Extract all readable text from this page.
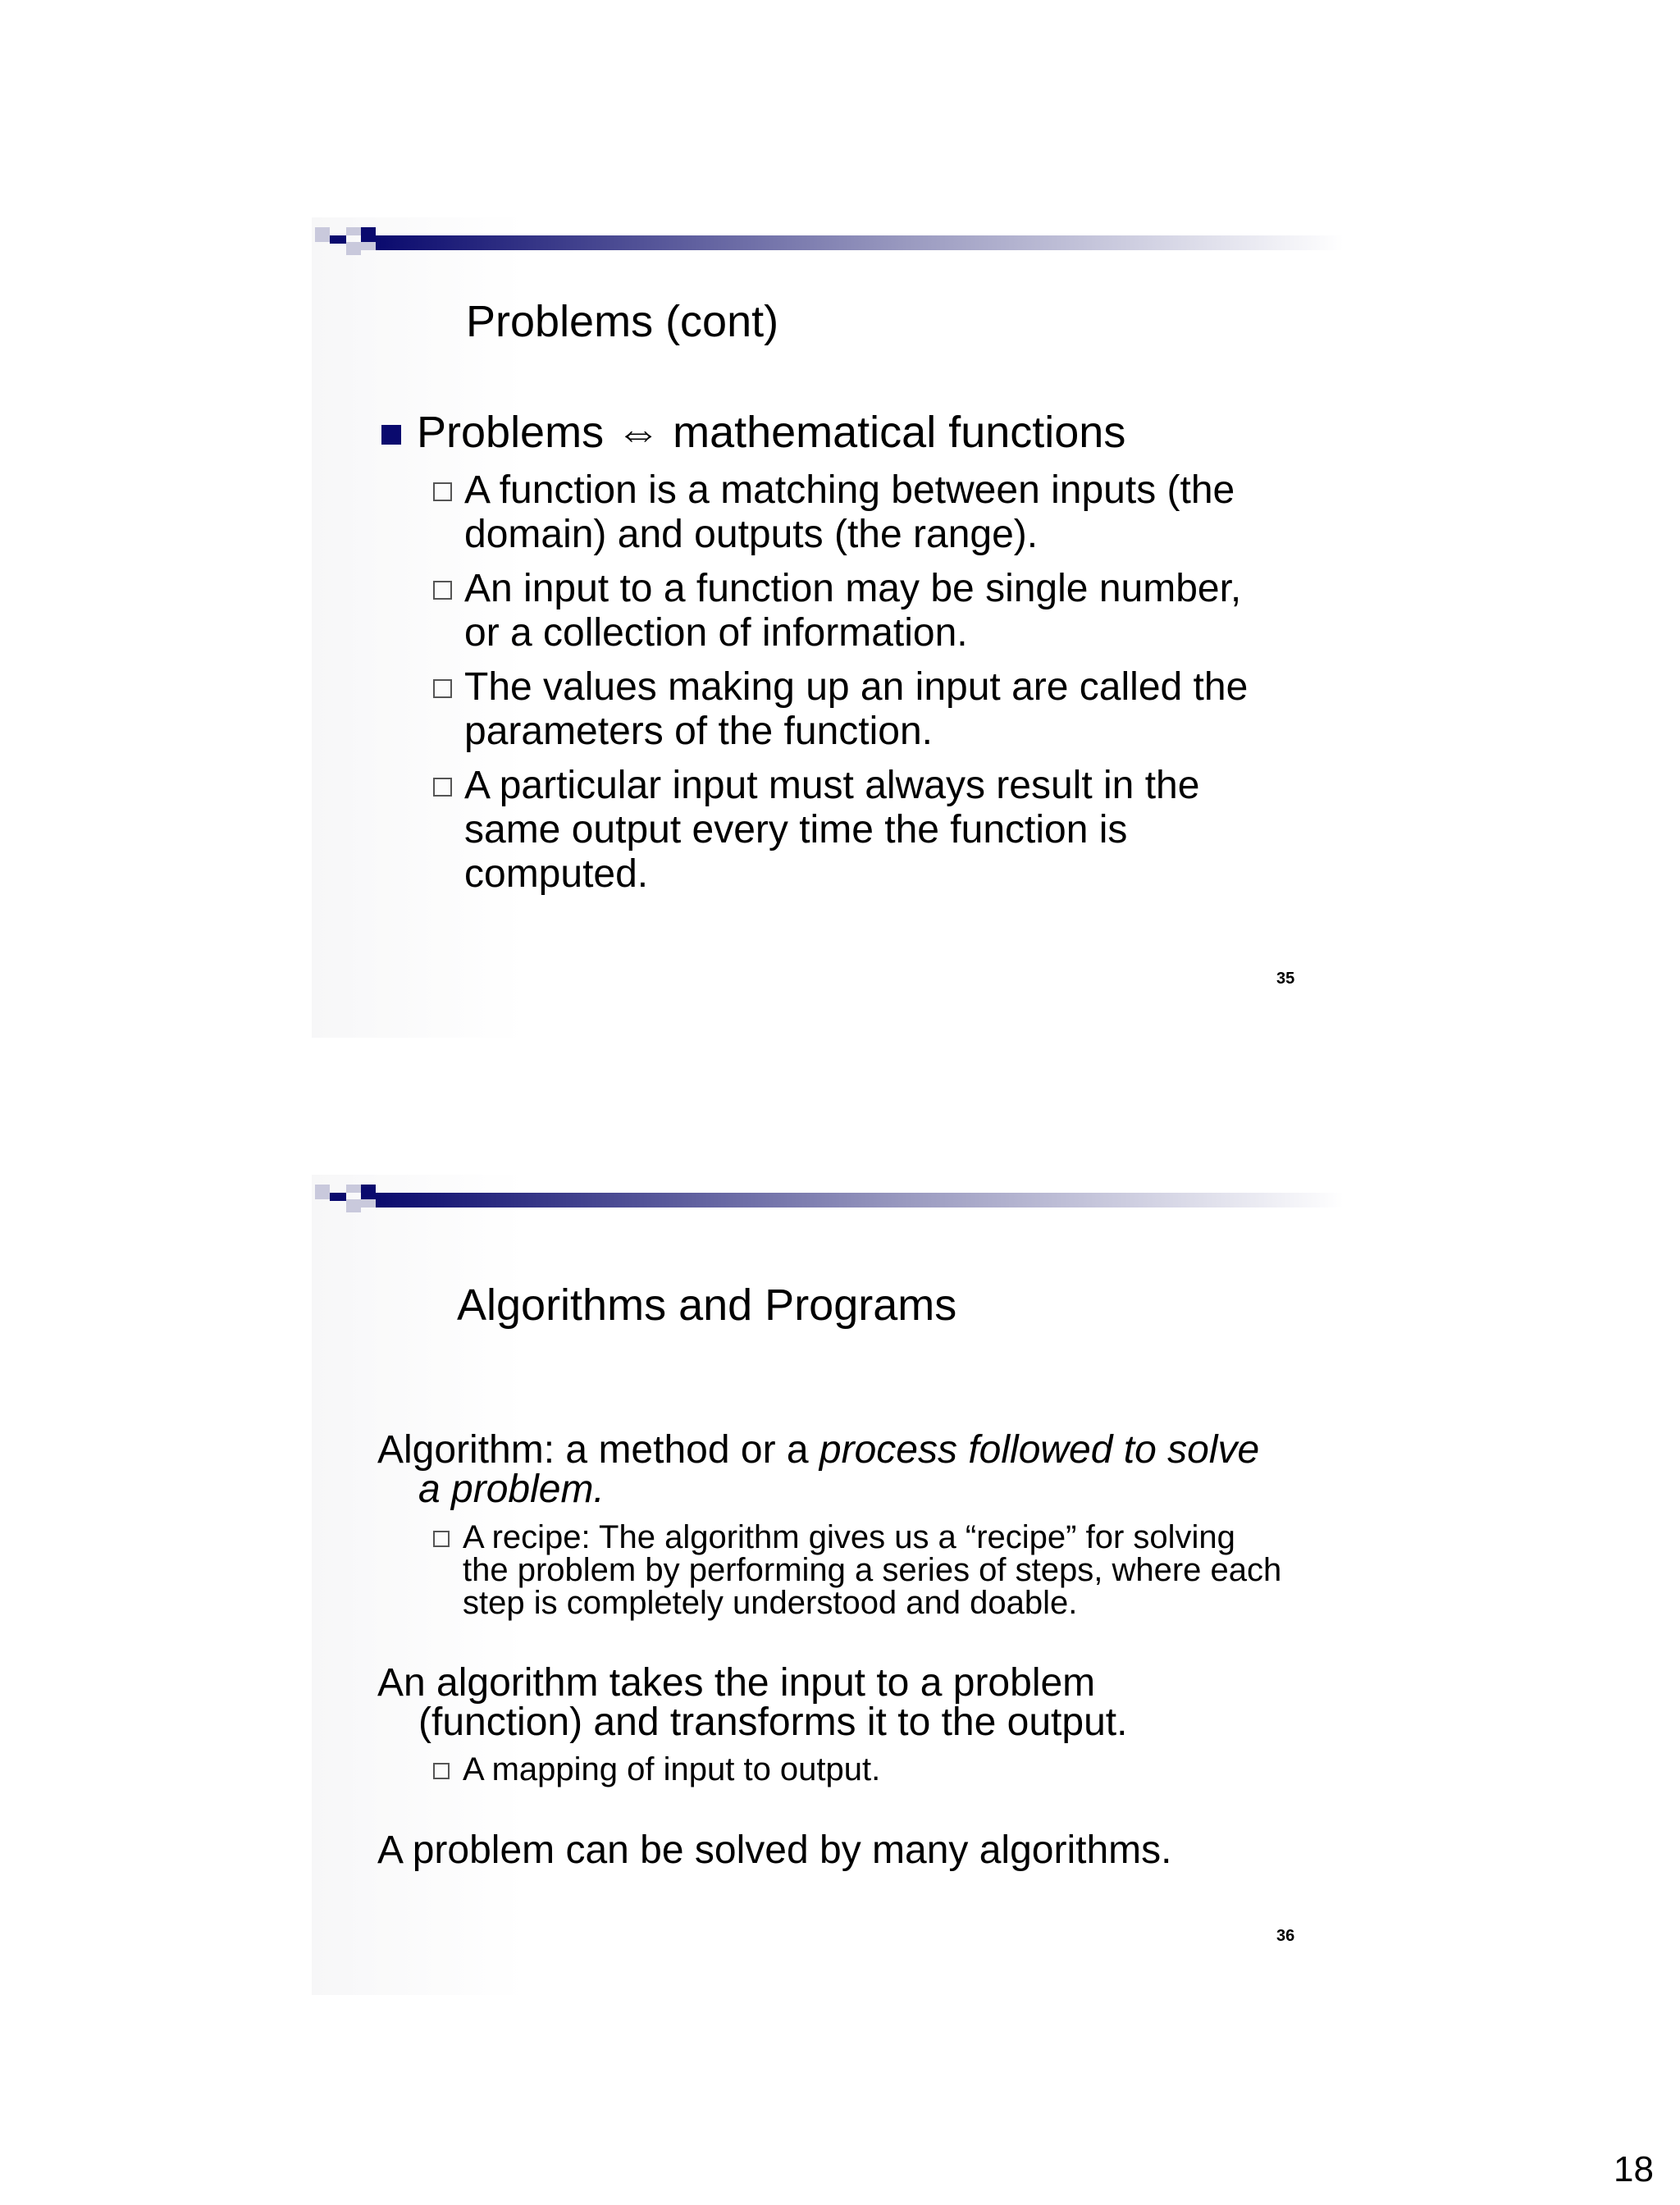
Problems (cont)
Problems ⇔ mathematical functions
A function is a matching between inputs (the domain) and outputs (the range).
An input to a function may be single number, or a collection of information.
The values making up an input are called the parameters of the function.
A particular input must always result in the same output every time the function is computed.
35
Algorithms and Programs
Algorithm: a method or a process followed to solve
a problem.
A recipe: The algorithm gives us a “recipe” for solving the problem by performing a series of steps, where each step is completely understood and doable.
An algorithm takes the input to a problem
(function) and transforms it to the output.
A mapping of input to output.
A problem can be solved by many algorithms.
36
18
